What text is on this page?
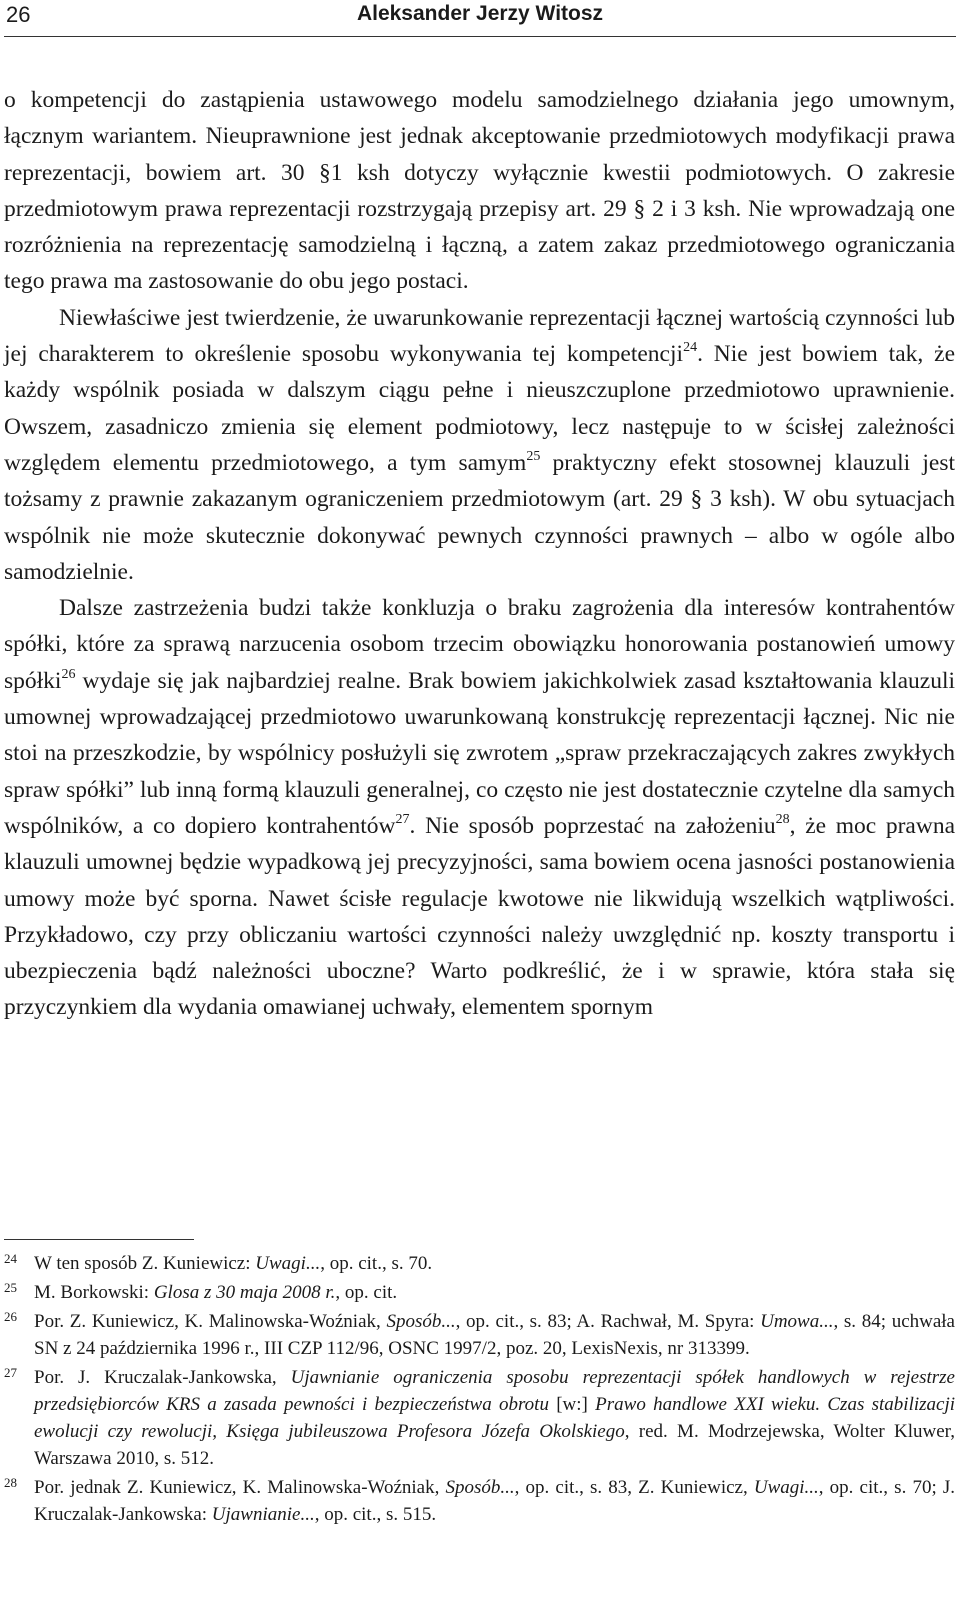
26	Aleksander Jerzy Witosz

o kompetencji do zastąpienia ustawowego modelu samodzielnego działania jego umownym, łącznym wariantem. Nieuprawnione jest jednak akceptowanie przedmiotowych modyfikacji prawa reprezentacji, bowiem art. 30 §1 ksh dotyczy wyłącznie kwestii podmiotowych. O zakresie przedmiotowym prawa reprezentacji rozstrzygają przepisy art. 29 § 2 i 3 ksh. Nie wprowadzają one rozróżnienia na reprezentację samodzielną i łączną, a zatem zakaz przedmiotowego ograniczania tego prawa ma zastosowanie do obu jego postaci.

Niewłaściwe jest twierdzenie, że uwarunkowanie reprezentacji łącznej wartością czynności lub jej charakterem to określenie sposobu wykonywania tej kompetencji$^{24}$. Nie jest bowiem tak, że każdy wspólnik posiada w dalszym ciągu pełne i nieuszczuplone przedmiotowo uprawnienie. Owszem, zasadniczo zmienia się element podmiotowy, lecz następuje to w ścisłej zależności względem elementu przedmiotowego, a tym samym$^{25}$ praktyczny efekt stosownej klauzuli jest tożsamy z prawnie zakazanym ograniczeniem przedmiotowym (art. 29 § 3 ksh). W obu sytuacjach wspólnik nie może skutecznie dokonywać pewnych czynności prawnych – albo w ogóle albo samodzielnie.

Dalsze zastrzeżenia budzi także konkluzja o braku zagrożenia dla interesów kontrahentów spółki, które za sprawą narzucenia osobom trzecim obowiązku honorowania postanowień umowy spółki$^{26}$ wydaje się jak najbardziej realne. Brak bowiem jakichkolwiek zasad kształtowania klauzuli umownej wprowadzającej przedmiotowo uwarunkowaną konstrukcję reprezentacji łącznej. Nic nie stoi na przeszkodzie, by wspólnicy posłużyli się zwrotem „spraw przekraczających zakres zwykłych spraw spółki” lub inną formą klauzuli generalnej, co często nie jest dostatecznie czytelne dla samych wspólników, a co dopiero kontrahentów$^{27}$. Nie sposób poprzestać na założeniu$^{28}$, że moc prawna klauzuli umownej będzie wypadkową jej precyzyjności, sama bowiem ocena jasności postanowienia umowy może być sporna. Nawet ścisłe regulacje kwotowe nie likwidują wszelkich wątpliwości. Przykładowo, czy przy obliczaniu wartości czynności należy uwzględnić np. koszty transportu i ubezpieczenia bądź należności uboczne? Warto podkreślić, że i w sprawie, która stała się przyczynkiem dla wydania omawianej uchwały, elementem spornym

24 W ten sposób Z. Kuniewicz: Uwagi..., op. cit., s. 70.
25 M. Borkowski: Glosa z 30 maja 2008 r., op. cit.
26 Por. Z. Kuniewicz, K. Malinowska-Woźniak, Sposób..., op. cit., s. 83; A. Rachwał, M. Spyra: Umowa..., s. 84; uchwała SN z 24 października 1996 r., III CZP 112/96, OSNC 1997/2, poz. 20, LexisNexis, nr 313399.
27 Por. J. Kruczalak-Jankowska, Ujawnianie ograniczenia sposobu reprezentacji spółek handlowych w rejestrze przedsiębiorców KRS a zasada pewności i bezpieczeństwa obrotu [w:] Prawo handlowe XXI wieku. Czas stabilizacji ewolucji czy rewolucji, Księga jubileuszowa Profesora Józefa Okolskiego, red. M. Modrzejewska, Wolter Kluwer, Warszawa 2010, s. 512.
28 Por. jednak Z. Kuniewicz, K. Malinowska-Woźniak, Sposób..., op. cit., s. 83, Z. Kuniewicz, Uwagi..., op. cit., s. 70; J. Kruczalak-Jankowska: Ujawnianie..., op. cit., s. 515.
